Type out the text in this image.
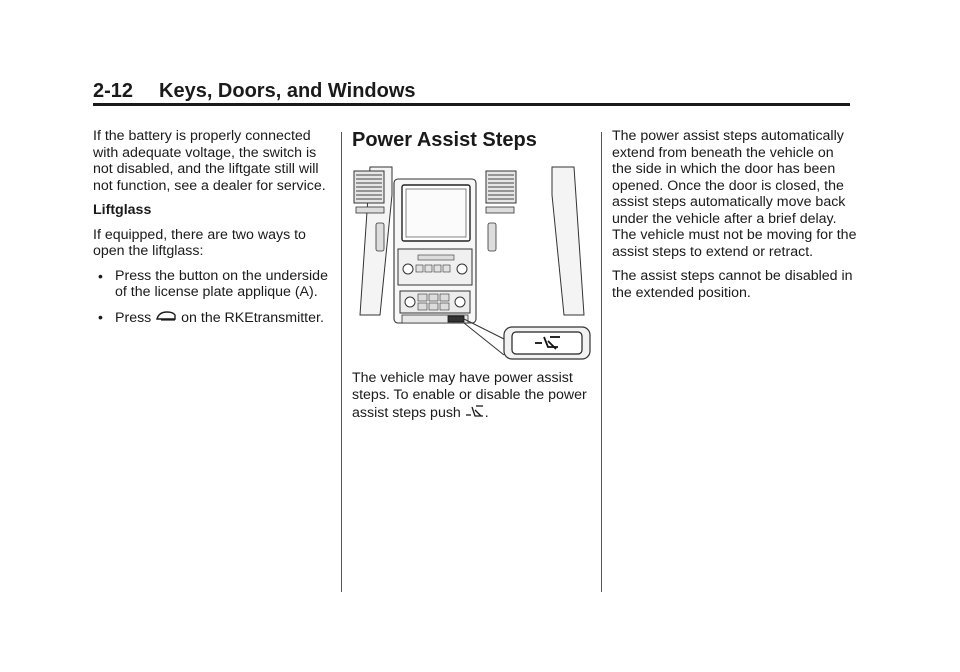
2-12 Keys, Doors, and Windows

If the battery is properly connected with adequate voltage, the switch is not disabled, and the liftgate still will not function, see a dealer for service.

Liftglass

If equipped, there are two ways to open the liftglass:

• Press the button on the underside of the license plate applique (A).
• Press on the RKEtransmitter.
Power Assist Steps
The vehicle may have power assist steps. To enable or disable the power assist steps push .

The power assist steps automatically extend from beneath the vehicle on the side in which the door has been opened. Once the door is closed, the assist steps automatically move back under the vehicle after a brief delay. The vehicle must not be moving for the assist steps to extend or retract.

The assist steps cannot be disabled in the extended position.
